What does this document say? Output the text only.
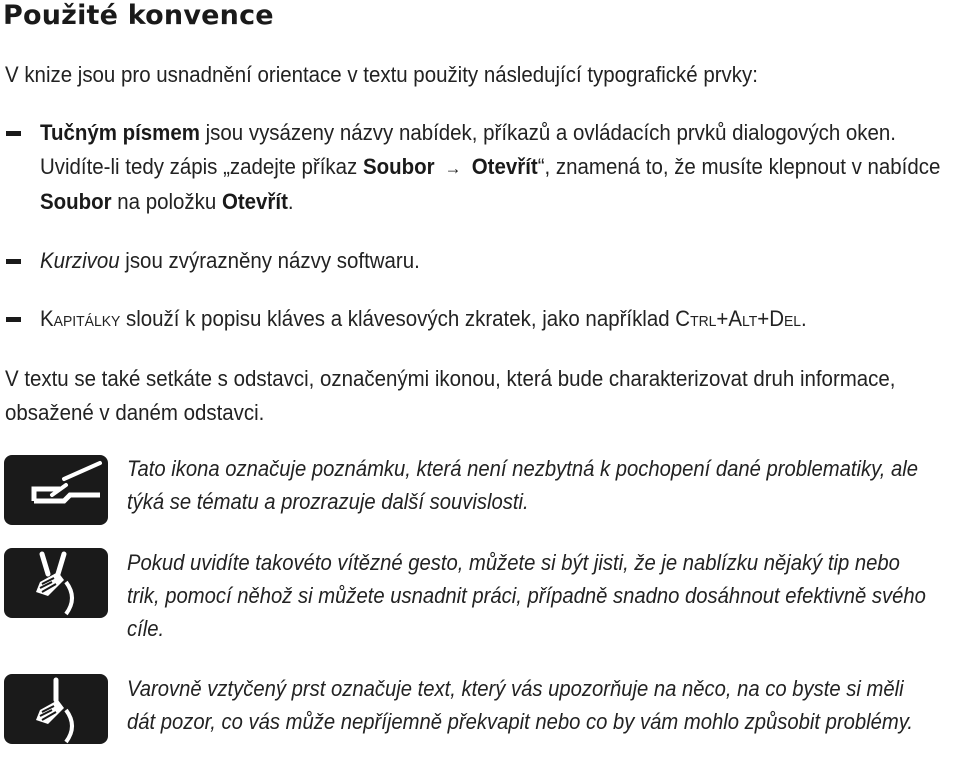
Použité konvence

V knize jsou pro usnadnění orientace v textu použity následující typografické prvky:

Tučným písmem jsou vysázeny názvy nabídek, příkazů a ovládacích prvků dialogových oken. Uvidíte-li tedy zápis „zadejte příkaz Soubor → Otevřít“, znamená to, že musíte klepnout v nabídce Soubor na položku Otevřít.

Kurzivou jsou zvýrazněny názvy softwaru.

Kapitálky slouží k popisu kláves a klávesových zkratek, jako například Ctrl+Alt+Del.

V textu se také setkáte s odstavci, označenými ikonou, která bude charakterizovat druh informace, obsažené v daném odstavci.

Tato ikona označuje poznámku, která není nezbytná k pochopení dané problematiky, ale týká se tématu a prozrazuje další souvislosti.

Pokud uvidíte takovéto vítězné gesto, můžete si být jisti, že je nablízku nějaký tip nebo trik, pomocí něhož si můžete usnadnit práci, případně snadno dosáhnout efektivně svého cíle.

Varovně vztyčený prst označuje text, který vás upozorňuje na něco, na co byste si měli dát pozor, co vás může nepříjemně překvapit nebo co by vám mohlo způsobit problémy.
